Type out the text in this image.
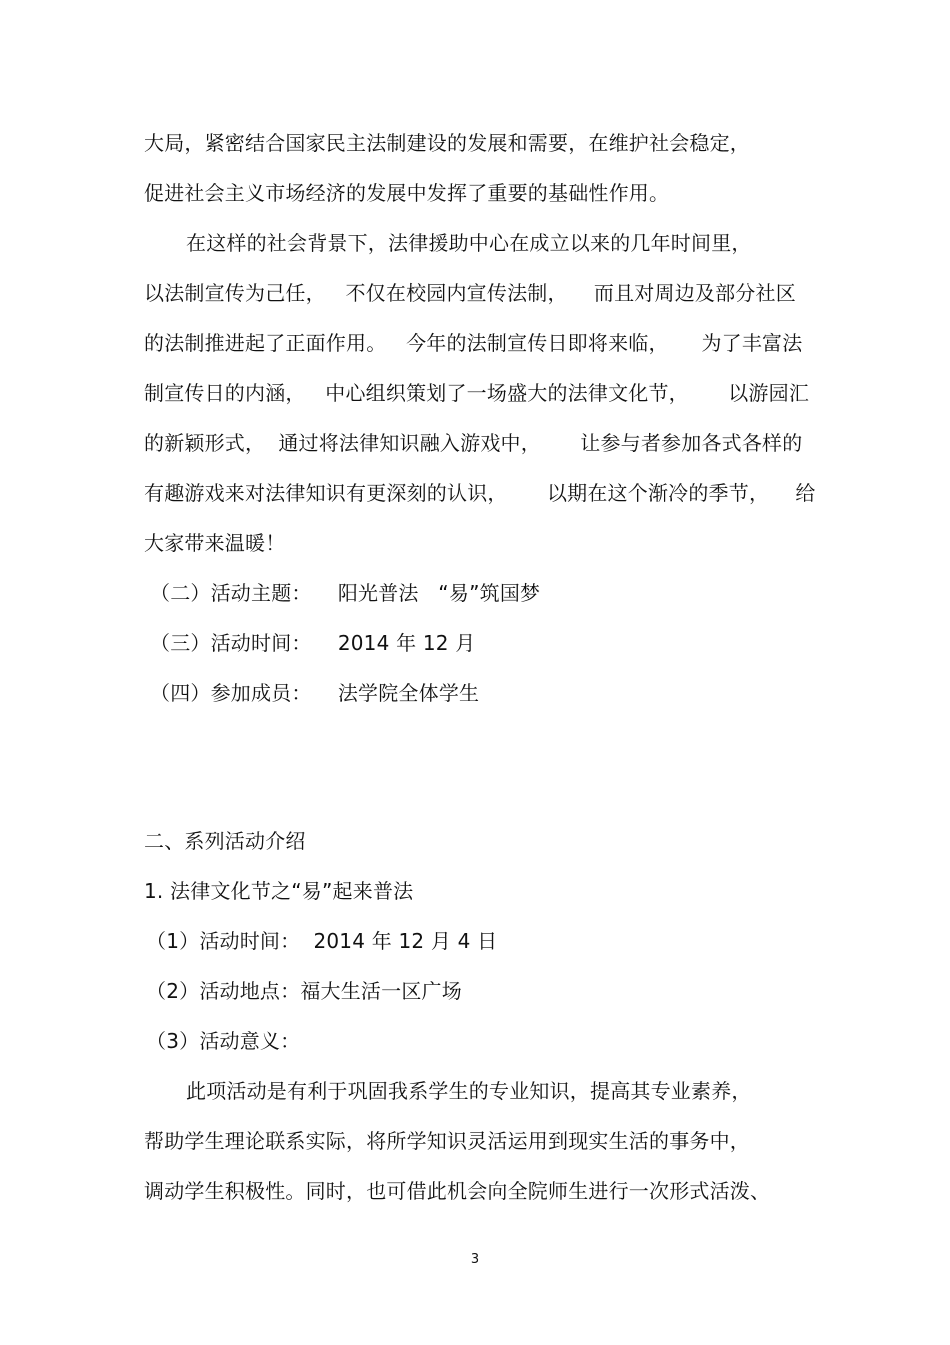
大局，紧密结合国家民主法制建设的发展和需要，在维护社会稳定，
促进社会主义市场经济的发展中发挥了重要的基础性作用。
在这样的社会背景下，法律援助中心在成立以来的几年时间里，
以法制宣传为己任，   不仅在校园内宣传法制，    而且对周边及部分社区
的法制推进起了正面作用。   今年的法制宣传日即将来临，     为了丰富法
制宣传日的内涵，   中心组织策划了一场盛大的法律文化节，      以游园汇
的新颖形式，  通过将法律知识融入游戏中，      让参与者参加各式各样的
有趣游戏来对法律知识有更深刻的认识，      以期在这个渐冷的季节，    给
大家带来温暖！
（二）活动主题：    阳光普法   “易”筑国梦
（三）活动时间：    2014 年 12 月
（四）参加成员：    法学院全体学生
二、系列活动介绍
1. 法律文化节之“易”起来普法
（1）活动时间：  2014 年 12 月 4 日
（2）活动地点：福大生活一区广场
（3）活动意义：
此项活动是有利于巩固我系学生的专业知识，提高其专业素养，
帮助学生理论联系实际，将所学知识灵活运用到现实生活的事务中，
调动学生积极性。同时，也可借此机会向全院师生进行一次形式活泼、
3
